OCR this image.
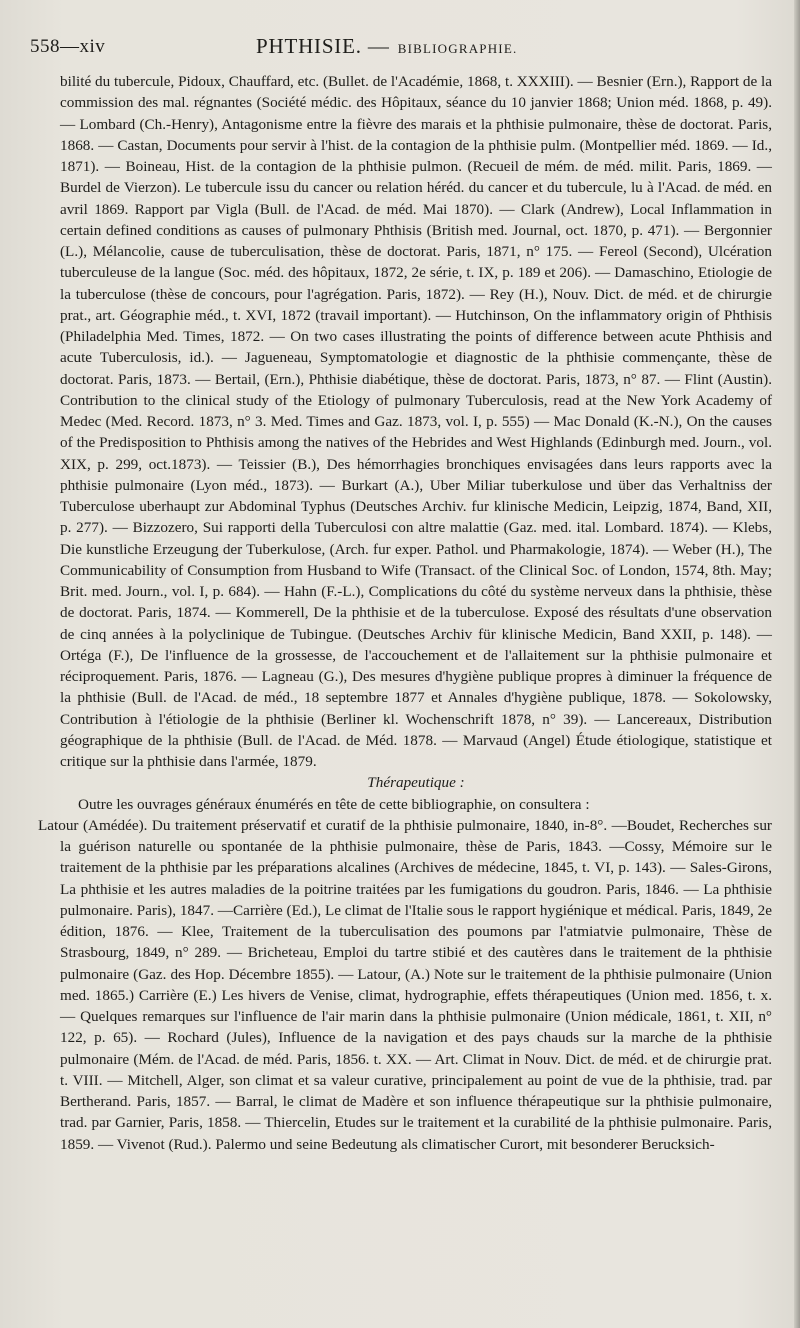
558—xiv	PHTHISIE. — BIBLIOGRAPHIE.

bilité du tubercule, Pidoux, Chauffard, etc. (Bullet. de l'Académie, 1868, t. XXXIII). — Besnier (Ern.), Rapport de la commission des mal. régnantes (Société médic. des Hôpitaux, séance du 10 janvier 1868; Union méd. 1868, p. 49). — Lombard (Ch.-Henry), Antagonisme entre la fièvre des marais et la phthisie pulmonaire, thèse de doctorat. Paris, 1868. — Castan, Documents pour servir à l'hist. de la contagion de la phthisie pulm. (Montpellier méd. 1869. — Id., 1871). — Boineau, Hist. de la contagion de la phthisie pulmon. (Recueil de mém. de méd. milit. Paris, 1869. — Burdel de Vierzon). Le tubercule issu du cancer ou relation héréd. du cancer et du tubercule, lu à l'Acad. de méd. en avril 1869. Rapport par Vigla (Bull. de l'Acad. de méd. Mai 1870). — Clark (Andrew), Local Inflammation in certain defined conditions as causes of pulmonary Phthisis (British med. Journal, oct. 1870, p. 471). — Bergonnier (L.), Mélancolie, cause de tuberculisation, thèse de doctorat. Paris, 1871, n° 175. — Fereol (Second), Ulcération tuberculeuse de la langue (Soc. méd. des hôpitaux, 1872, 2e série, t. IX, p. 189 et 206). — Damaschino, Etiologie de la tuberculose (thèse de concours, pour l'agrégation. Paris, 1872). — Rey (H.), Nouv. Dict. de méd. et de chirurgie prat., art. Géographie méd., t. XVI, 1872 (travail important). — Hutchinson, On the inflammatory origin of Phthisis (Philadelphia Med. Times, 1872. — On two cases illustrating the points of difference between acute Phthisis and acute Tuberculosis, id.). — Jagueneau, Symptomatologie et diagnostic de la phthisie commençante, thèse de doctorat. Paris, 1873. — Bertail, (Ern.), Phthisie diabétique, thèse de doctorat. Paris, 1873, n° 87. — Flint (Austin). Contribution to the clinical study of the Etiology of pulmonary Tuberculosis, read at the New York Academy of Medec (Med. Record. 1873, n° 3. Med. Times and Gaz. 1873, vol. I, p. 555) — Mac Donald (K.-N.), On the causes of the Predisposition to Phthisis among the natives of the Hebrides and West Highlands (Edinburgh med. Journ., vol. XIX, p. 299, oct.1873). — Teissier (B.), Des hémorrhagies bronchiques envisagées dans leurs rapports avec la phthisie pulmonaire (Lyon méd., 1873). — Burkart (A.), Uber Miliar tuberkulose und über das Verhaltniss der Tuberculose uberhaupt zur Abdominal Typhus (Deutsches Archiv. fur klinische Medicin, Leipzig, 1874, Band, XII, p. 277). — Bizzozero, Sui rapporti della Tuberculosi con altre malattie (Gaz. med. ital. Lombard. 1874). — Klebs, Die kunstliche Erzeugung der Tuberkulose, (Arch. fur exper. Pathol. und Pharmakologie, 1874). — Weber (H.), The Communicability of Consumption from Husband to Wife (Transact. of the Clinical Soc. of London, 1574, 8th. May; Brit. med. Journ., vol. I, p. 684). — Hahn (F.-L.), Complications du côté du système nerveux dans la phthisie, thèse de doctorat. Paris, 1874. — Kommerell, De la phthisie et de la tuberculose. Exposé des résultats d'une observation de cinq années à la polyclinique de Tubingue. (Deutsches Archiv für klinische Medicin, Band XXII, p. 148). — Ortéga (F.), De l'influence de la grossesse, de l'accouchement et de l'allaitement sur la phthisie pulmonaire et réciproquement. Paris, 1876. — Lagneau (G.), Des mesures d'hygiène publique propres à diminuer la fréquence de la phthisie (Bull. de l'Acad. de méd., 18 septembre 1877 et Annales d'hygiène publique, 1878. — Sokolowsky, Contribution à l'étiologie de la phthisie (Berliner kl. Wochenschrift 1878, n° 39). — Lancereaux, Distribution géographique de la phthisie (Bull. de l'Acad. de Méd. 1878. — Marvaud (Angel) Étude étiologique, statistique et critique sur la phthisie dans l'armée, 1879.

Thérapeutique :

Outre les ouvrages généraux énumérés en tête de cette bibliographie, on consultera :

Latour (Amédée). Du traitement préservatif et curatif de la phthisie pulmonaire, 1840, in-8°. —Boudet, Recherches sur la guérison naturelle ou spontanée de la phthisie pulmonaire, thèse de Paris, 1843. —Cossy, Mémoire sur le traitement de la phthisie par les préparations alcalines (Archives de médecine, 1845, t. VI, p. 143). — Sales-Girons, La phthisie et les autres maladies de la poitrine traitées par les fumigations du goudron. Paris, 1846. — La phthisie pulmonaire. Paris), 1847. —Carrière (Ed.), Le climat de l'Italie sous le rapport hygiénique et médical. Paris, 1849, 2e édition, 1876. — Klee, Traitement de la tuberculisation des poumons par l'atmiatvie pulmonaire, Thèse de Strasbourg, 1849, n° 289. — Bricheteau, Emploi du tartre stibié et des cautères dans le traitement de la phthisie pulmonaire (Gaz. des Hop. Décembre 1855). — Latour, (A.) Note sur le traitement de la phthisie pulmonaire (Union med. 1865.) Carrière (E.) Les hivers de Venise, climat, hydrographie, effets thérapeutiques (Union med. 1856, t. x. — Quelques remarques sur l'influence de l'air marin dans la phthisie pulmonaire (Union médicale, 1861, t. XII, n° 122, p. 65). — Rochard (Jules), Influence de la navigation et des pays chauds sur la marche de la phthisie pulmonaire (Mém. de l'Acad. de méd. Paris, 1856. t. XX. — Art. Climat in Nouv. Dict. de méd. et de chirurgie prat. t. VIII. — Mitchell, Alger, son climat et sa valeur curative, principalement au point de vue de la phthisie, trad. par Bertherand. Paris, 1857. — Barral, le climat de Madère et son influence thérapeutique sur la phthisie pulmonaire, trad. par Garnier, Paris, 1858. — Thiercelin, Etudes sur le traitement et la curabilité de la phthisie pulmonaire. Paris, 1859. — Vivenot (Rud.). Palermo und seine Bedeutung als climatischer Curort, mit besonderer Berucksich-
